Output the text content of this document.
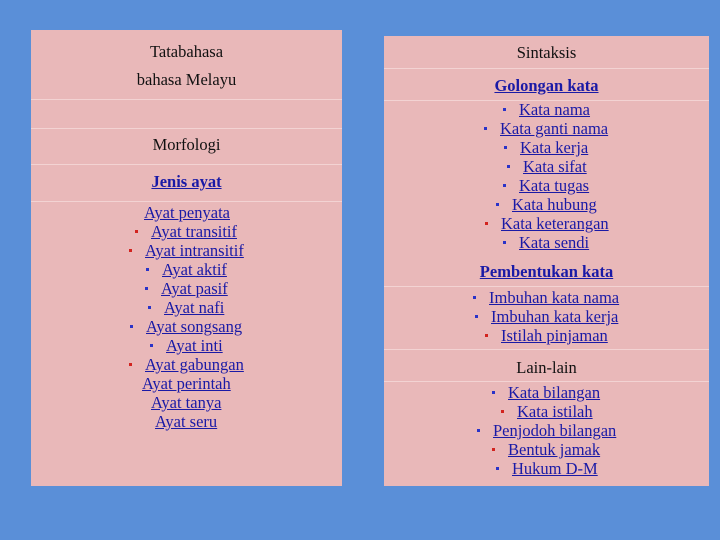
Tatabahasa
bahasa Melayu
Morfologi
Jenis ayat
Ayat penyata
Ayat transitif
Ayat intransitif
Ayat aktif
Ayat pasif
Ayat nafi
Ayat songsang
Ayat inti
Ayat gabungan
Ayat perintah
Ayat tanya
Ayat seru
Sintaksis
Golongan kata
Kata nama
Kata ganti nama
Kata kerja
Kata sifat
Kata tugas
Kata hubung
Kata keterangan
Kata sendi
Pembentukan kata
Imbuhan kata nama
Imbuhan kata kerja
Istilah pinjaman
Lain-lain
Kata bilangan
Kata istilah
Penjodoh bilangan
Bentuk jamak
Hukum D-M
